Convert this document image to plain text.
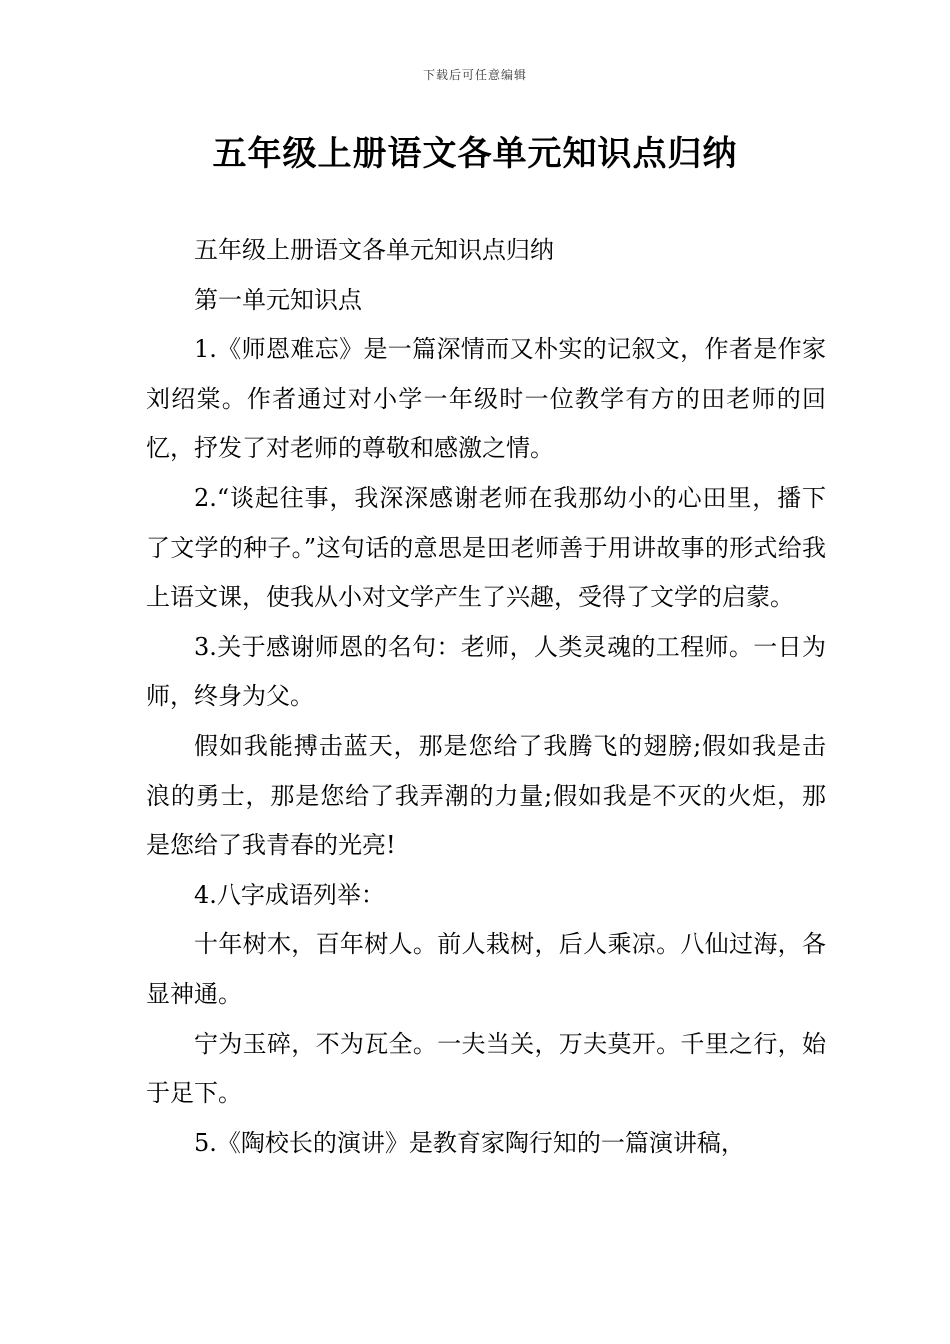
下载后可任意编辑
五年级上册语文各单元知识点归纳

五年级上册语文各单元知识点归纳

第一单元知识点

1.《师恩难忘》是一篇深情而又朴实的记叙文，作者是作家刘绍棠。作者通过对小学一年级时一位教学有方的田老师的回忆，抒发了对老师的尊敬和感激之情。

2.“谈起往事，我深深感谢老师在我那幼小的心田里，播下了文学的种子。”这句话的意思是田老师善于用讲故事的形式给我上语文课，使我从小对文学产生了兴趣，受得了文学的启蒙。

3.关于感谢师恩的名句：老师，人类灵魂的工程师。一日为师，终身为父。

假如我能搏击蓝天，那是您给了我腾飞的翅膀;假如我是击浪的勇士，那是您给了我弄潮的力量;假如我是不灭的火炬，那是您给了我青春的光亮!

4.八字成语列举：

十年树木，百年树人。前人栽树，后人乘凉。八仙过海，各显神通。

宁为玉碎，不为瓦全。一夫当关，万夫莫开。千里之行，始于足下。

5.《陶校长的演讲》是教育家陶行知的一篇演讲稿，
